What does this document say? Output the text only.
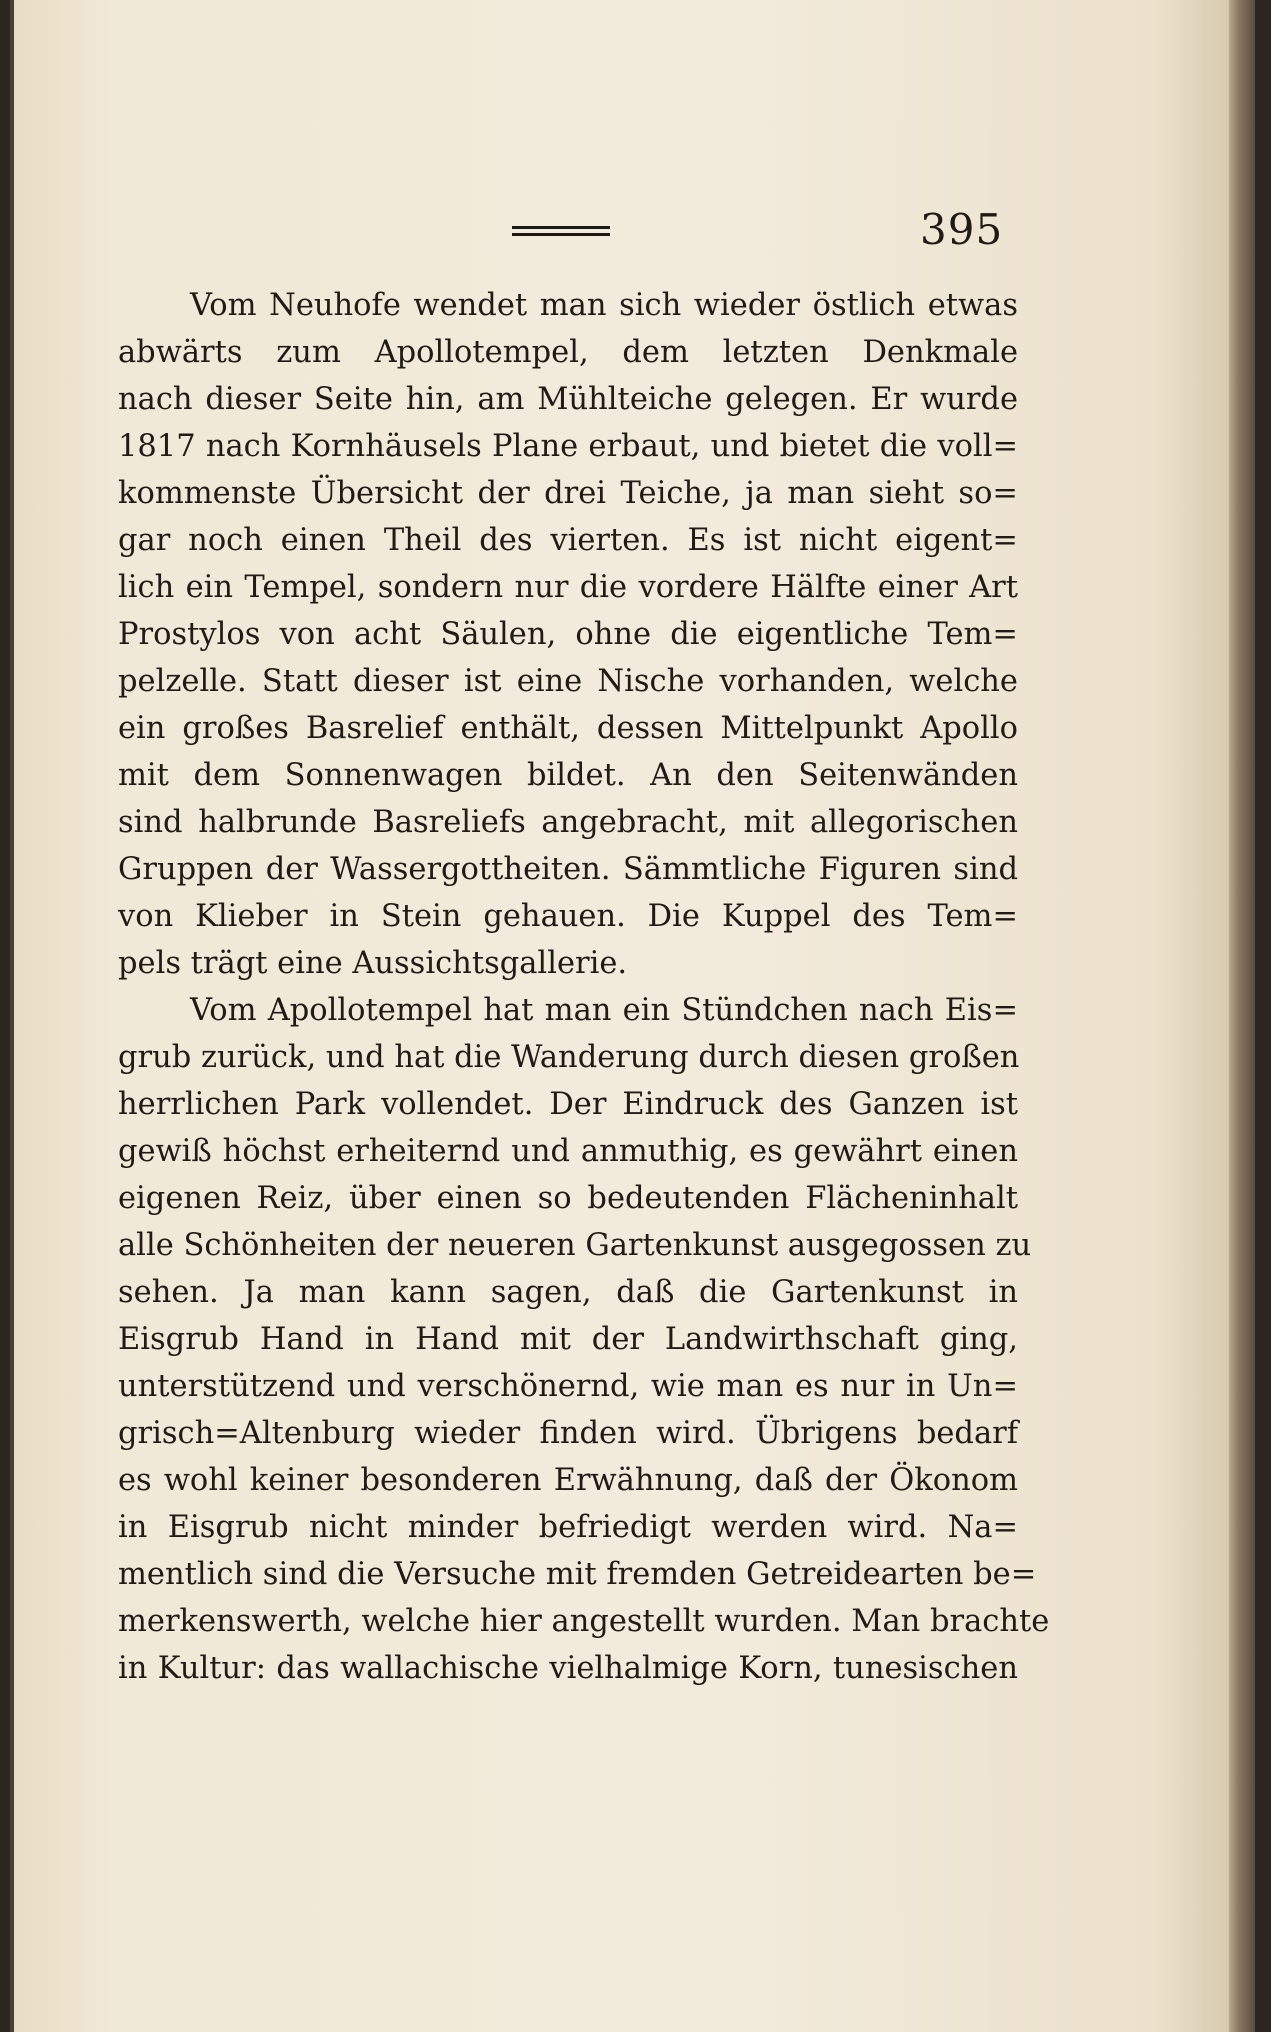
395
Vom Neuhofe wendet man sich wieder östlich etwas
abwärts zum Apollotempel, dem letzten Denkmale
nach dieser Seite hin, am Mühlteiche gelegen. Er wurde
1817 nach Kornhäusels Plane erbaut, und bietet die voll=
kommenste Übersicht der drei Teiche, ja man sieht so=
gar noch einen Theil des vierten. Es ist nicht eigent=
lich ein Tempel, sondern nur die vordere Hälfte einer Art
Prostylos von acht Säulen, ohne die eigentliche Tem=
pelzelle. Statt dieser ist eine Nische vorhanden, welche
ein großes Basrelief enthält, dessen Mittelpunkt Apollo
mit dem Sonnenwagen bildet. An den Seitenwänden
sind halbrunde Basreliefs angebracht, mit allegorischen
Gruppen der Wassergottheiten. Sämmtliche Figuren sind
von Klieber in Stein gehauen. Die Kuppel des Tem=
pels trägt eine Aussichtsgallerie.
Vom Apollotempel hat man ein Stündchen nach Eis=
grub zurück, und hat die Wanderung durch diesen großen
herrlichen Park vollendet. Der Eindruck des Ganzen ist
gewiß höchst erheiternd und anmuthig, es gewährt einen
eigenen Reiz, über einen so bedeutenden Flächeninhalt
alle Schönheiten der neueren Gartenkunst ausgegossen zu
sehen. Ja man kann sagen, daß die Gartenkunst in
Eisgrub Hand in Hand mit der Landwirthschaft ging,
unterstützend und verschönernd, wie man es nur in Un=
grisch=Altenburg wieder finden wird. Übrigens bedarf
es wohl keiner besonderen Erwähnung, daß der Ökonom
in Eisgrub nicht minder befriedigt werden wird. Na=
mentlich sind die Versuche mit fremden Getreidearten be=
merkenswerth, welche hier angestellt wurden. Man brachte
in Kultur: das wallachische vielhalmige Korn, tunesischen
